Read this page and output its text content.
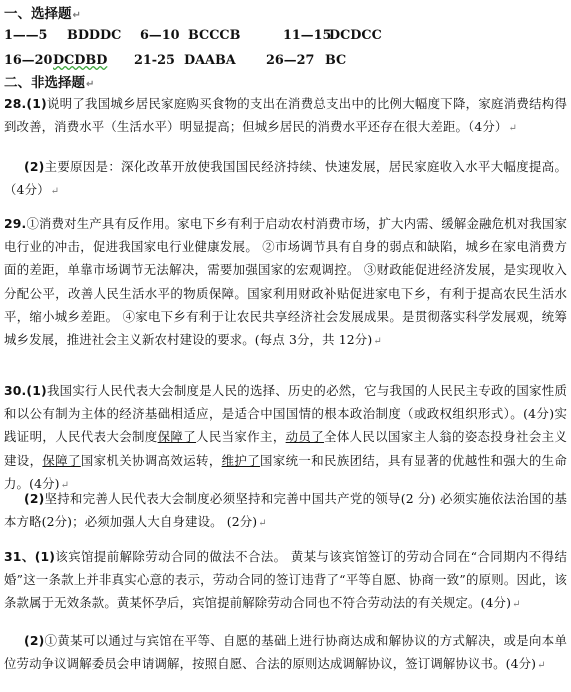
一、选择题↵
1——5 BDDDC 6—10 BCCCB	11—15
DCDCC
16—20 DCDBD 21-25 DAABA 26—27 BC
二、非选择题↵
28.(1)说明了我国城乡居民家庭购买食物的支出在消费总支出中的比例大幅度下降，家庭消费结构得到改善，消费水平（生活水平）明显提高；但城乡居民的消费水平还存在很大差距。（4分）↵
(2)主要原因是：深化改革开放使我国国民经济持续、快速发展，居民家庭收入水平大幅度提高。（4分）↵
29.①消费对生产具有反作用。家电下乡有利于启动农村消费市场，扩大内需、缓解金融危机对我国家电行业的冲击，促进我国家电行业健康发展。 ②市场调节具有自身的弱点和缺陷，城乡在家电消费方面的差距，单靠市场调节无法解决，需要加强国家的宏观调控。 ③财政能促进经济发展，是实现收入分配公平，改善人民生活水平的物质保障。国家利用财政补贴促进家电下乡，有利于提高农民生活水平，缩小城乡差距。 ④家电下乡有利于让农民共享经济社会发展成果。是贯彻落实科学发展观，统筹城乡发展，推进社会主义新农村建设的要求。(每点 3分，共 12分)↵
30.(1)我国实行人民代表大会制度是人民的选择、历史的必然，它与我国的人民民主专政的国家性质和以公有制为主体的经济基础相适应，是适合中国国情的根本政治制度（或政权组织形式）。(4分)实践证明，人民代表大会制度保障了人民当家作主，动员了全体人民以国家主人翁的姿态投身社会主义建设，保障了国家机关协调高效运转，维护了国家统一和民族团结，具有显著的优越性和强大的生命力。(4分)↵
(2)坚持和完善人民代表大会制度必须坚持和完善中国共产党的领导(2 分) 必须实施依法治国的基本方略(2分)；必须加强人大自身建设。 (2分)↵
31、(1)该宾馆提前解除劳动合同的做法不合法。 黄某与该宾馆签订的劳动合同在“合同期内不得结婚”这一条款上并非真实心意的表示，劳动合同的签订违背了“平等自愿、协商一致”的原则。因此，该条款属于无效条款。黄某怀孕后，宾馆提前解除劳动合同也不符合劳动法的有关规定。(4分)↵
(2)①黄某可以通过与宾馆在平等、自愿的基础上进行协商达成和解协议的方式解决，或是向本单位劳动争议调解委员会申请调解，按照自愿、合法的原则达成调解协议，签订调解协议书。(4分)↵
